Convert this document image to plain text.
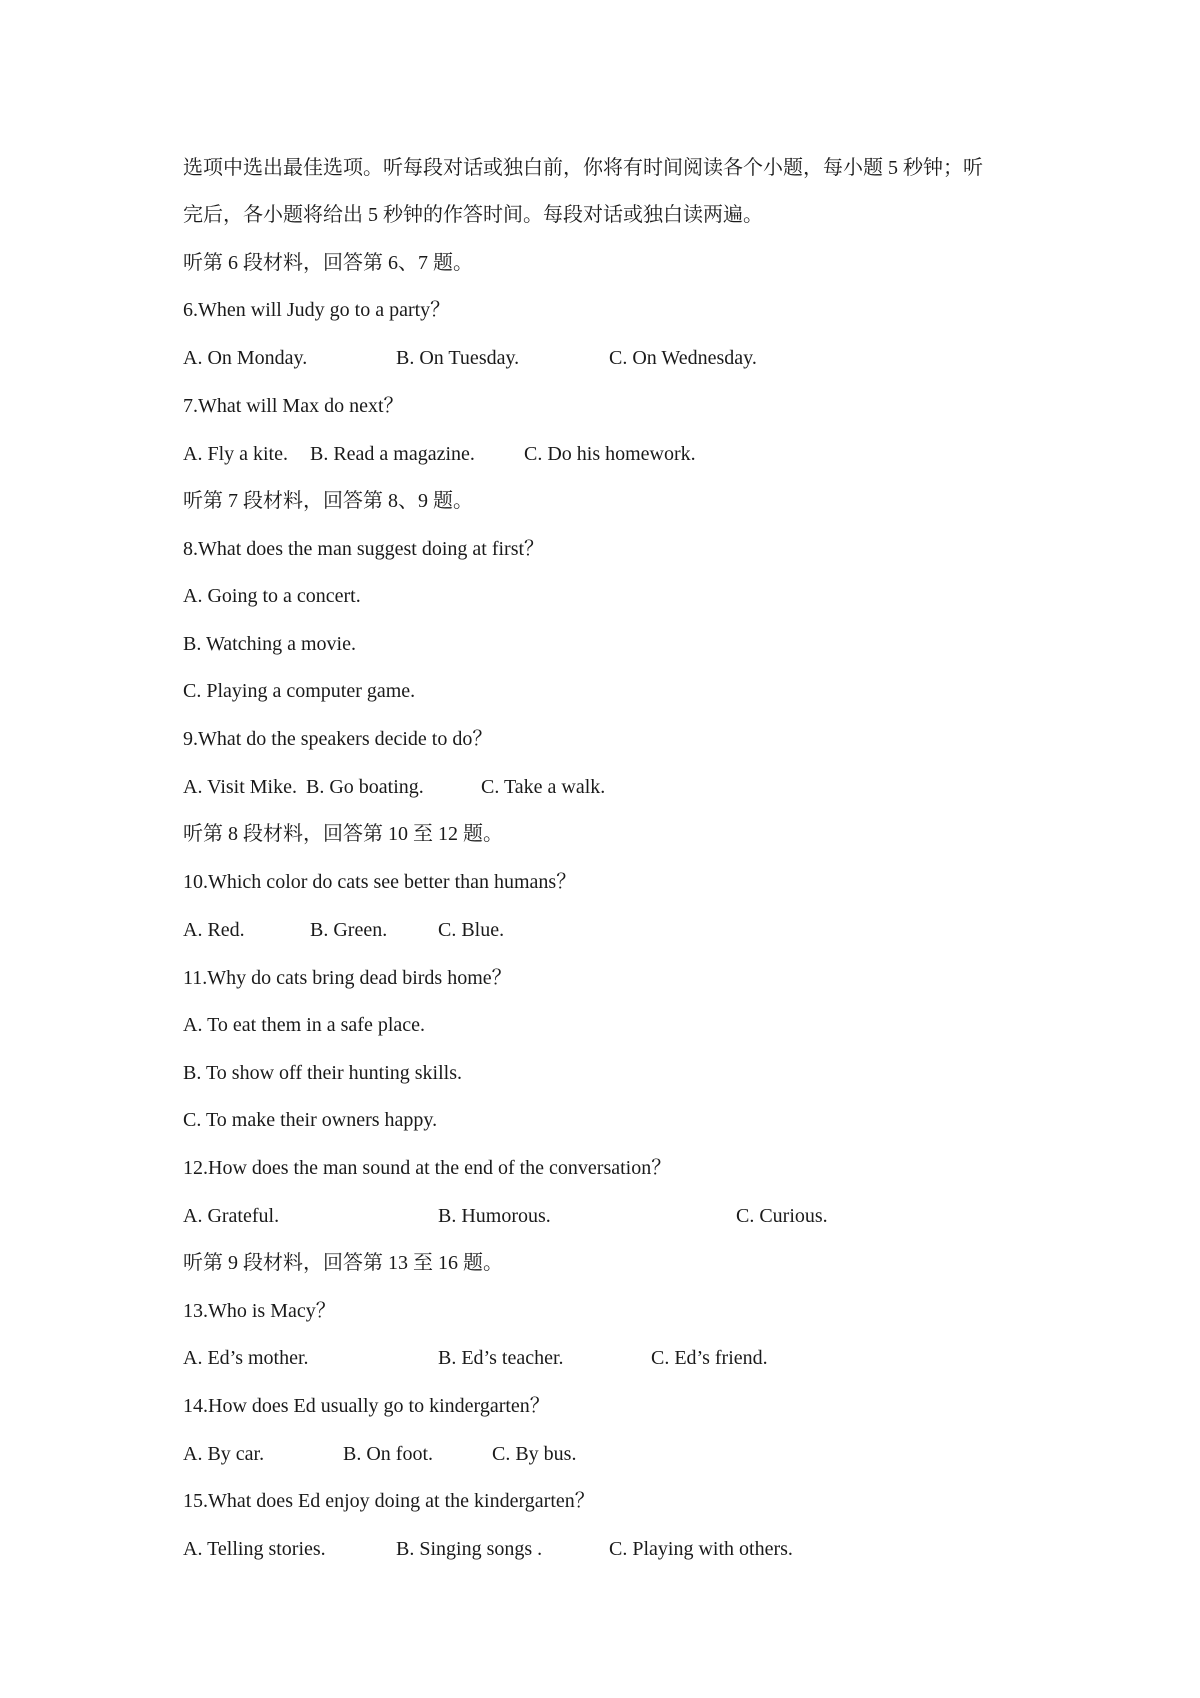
选项中选出最佳选项。听每段对话或独白前，你将有时间阅读各个小题，每小题 5 秒钟；听
完后，各小题将给出 5 秒钟的作答时间。每段对话或独白读两遍。
听第 6 段材料，回答第 6、7 题。
6.When will Judy go to a party？
A. On Monday.	B. On Tuesday.	C. On Wednesday.
7.What will Max do next？
A. Fly a kite. B. Read a magazine. C. Do his homework.
听第 7 段材料，回答第 8、9 题。
8.What does the man suggest doing at first？
A. Going to a concert.
B. Watching a movie.
C. Playing a computer game.
9.What do the speakers decide to do？
A. Visit Mike. B. Go boating.	C. Take a walk.
听第 8 段材料，回答第 10 至 12 题。
10.Which color do cats see better than humans？
A. Red.	B. Green.	C. Blue.
11.Why do cats bring dead birds home？
A. To eat them in a safe place.
B. To show off their hunting skills.
C. To make their owners happy.
12.How does the man sound at the end of the conversation？
A. Grateful.	B. Humorous.	C. Curious.
听第 9 段材料，回答第 13 至 16 题。
13.Who is Macy？
A. Ed’s mother.	B. Ed’s teacher.	C. Ed’s friend.
14.How does Ed usually go to kindergarten？
A. By car.	B. On foot.	C. By bus.
15.What does Ed enjoy doing at the kindergarten？
A. Telling stories.	B. Singing songs .	C. Playing with others.
